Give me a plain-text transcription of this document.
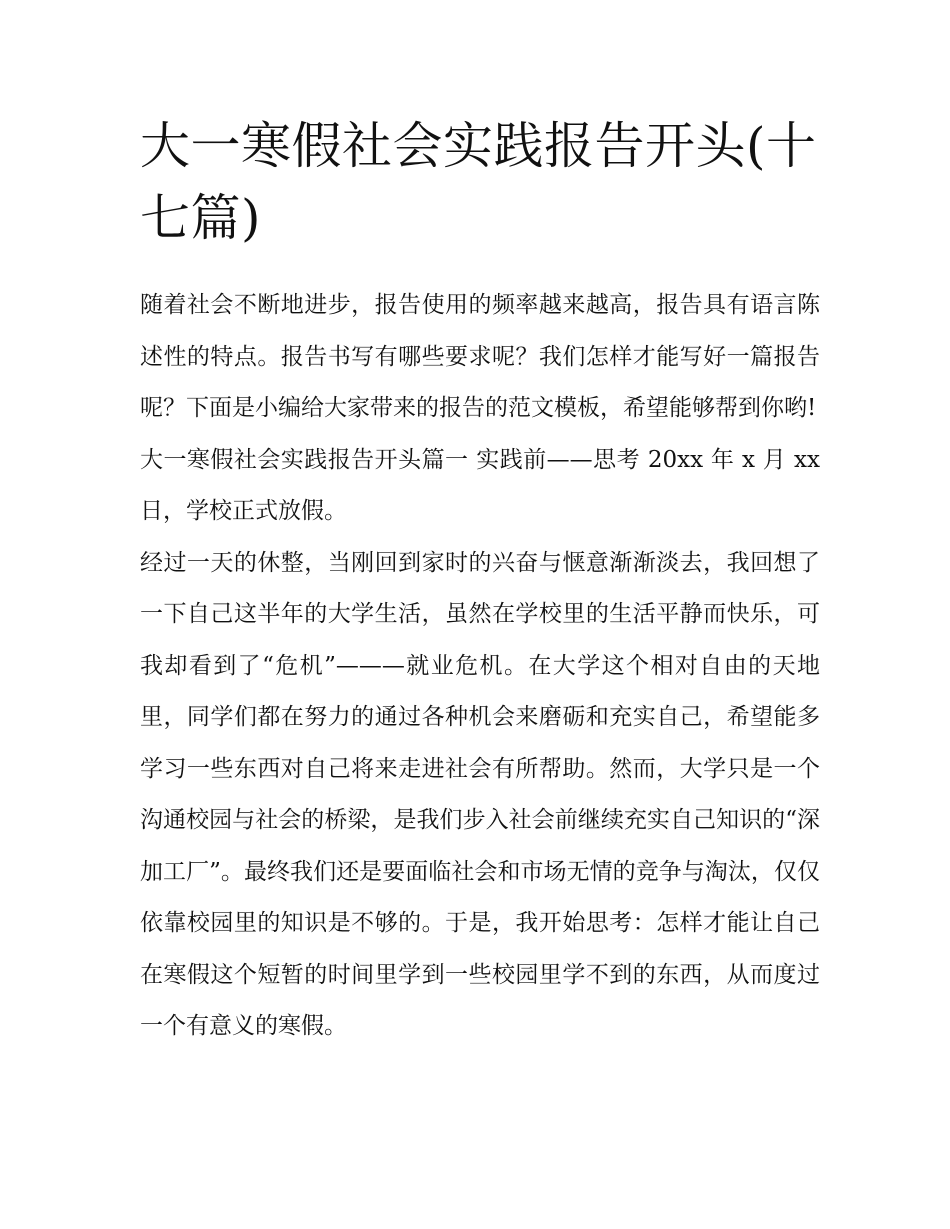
大一寒假社会实践报告开头(十七篇)

随着社会不断地进步，报告使用的频率越来越高，报告具有语言陈述性的特点。报告书写有哪些要求呢？我们怎样才能写好一篇报告呢？下面是小编给大家带来的报告的范文模板，希望能够帮到你哟!

大一寒假社会实践报告开头篇一 实践前——思考 20xx 年 x 月 xx 日，学校正式放假。

经过一天的休整，当刚回到家时的兴奋与惬意渐渐淡去，我回想了一下自己这半年的大学生活，虽然在学校里的生活平静而快乐，可我却看到了“危机”———就业危机。在大学这个相对自由的天地里，同学们都在努力的通过各种机会来磨砺和充实自己，希望能多学习一些东西对自己将来走进社会有所帮助。然而，大学只是一个沟通校园与社会的桥梁，是我们步入社会前继续充实自己知识的“深加工厂”。最终我们还是要面临社会和市场无情的竞争与淘汰，仅仅依靠校园里的知识是不够的。于是，我开始思考：怎样才能让自己在寒假这个短暂的时间里学到一些校园里学不到的东西，从而度过一个有意义的寒假。
